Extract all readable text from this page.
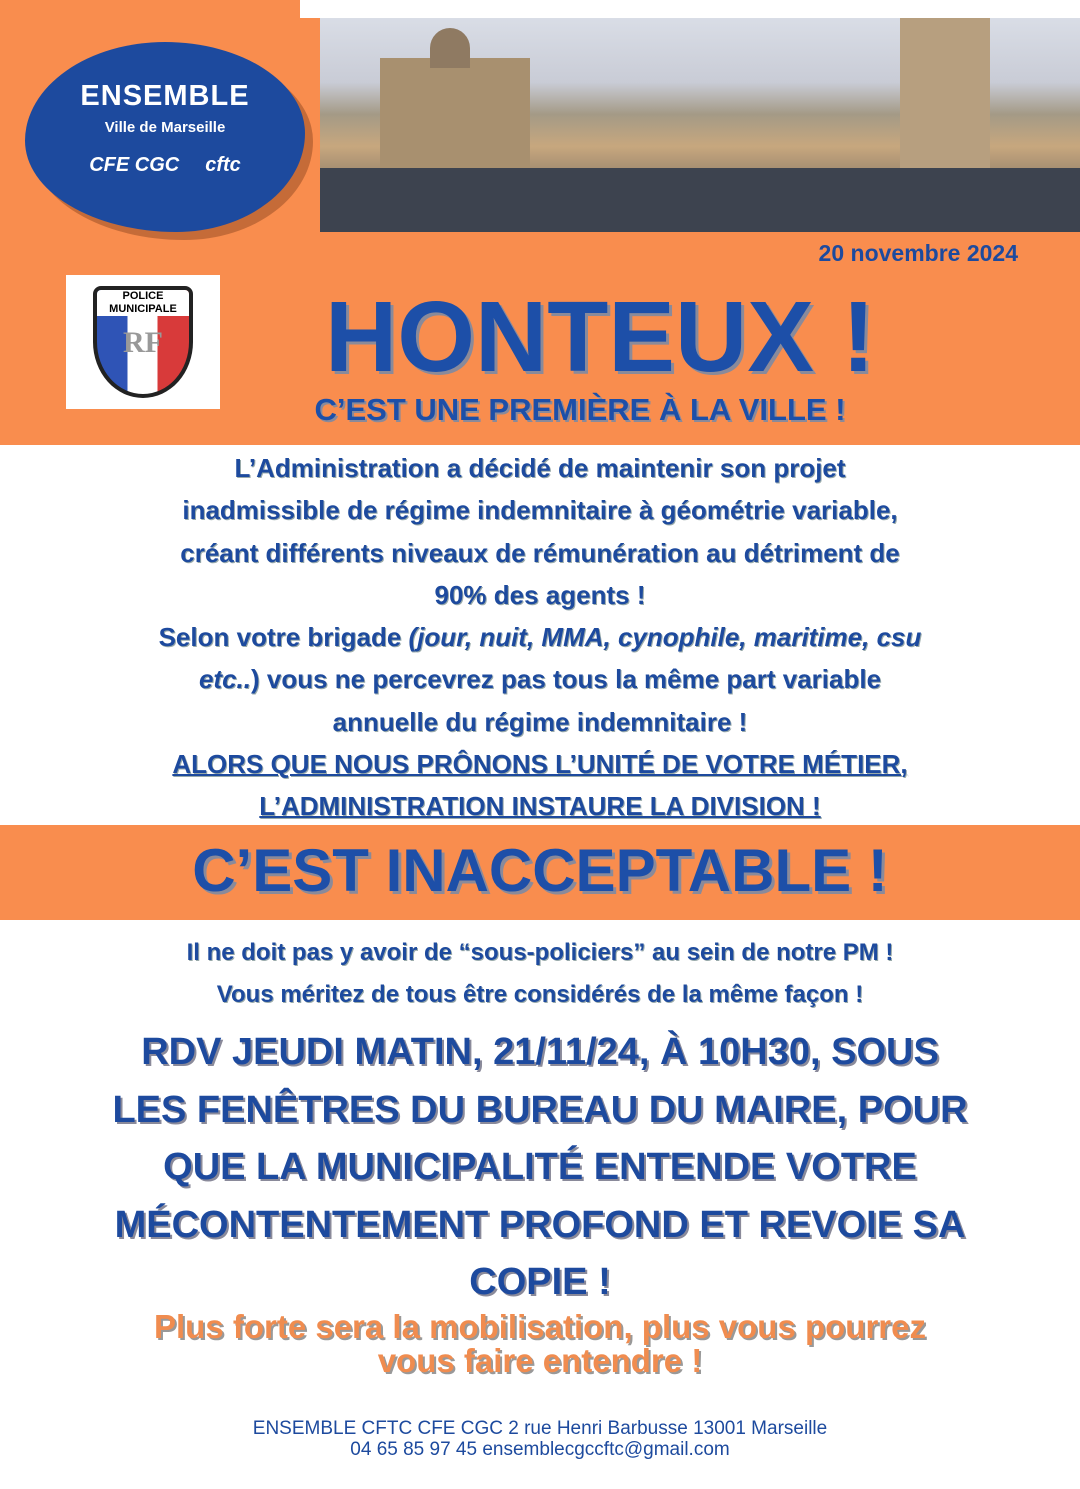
ENSEMBLE
Ville de Marseille
CFE CGC cftc
20 novembre 2024
POLICE
MUNICIPALE
RF HONTEUX !
C’EST UNE PREMIÈRE À LA VILLE !
L’Administration a décidé de maintenir son projet
inadmissible de régime indemnitaire à géométrie variable,
créant différents niveaux de rémunération au détriment de
90% des agents !
Selon votre brigade (jour, nuit, MMA, cynophile, maritime, csu
etc..) vous ne percevrez pas tous la même part variable
annuelle du régime indemnitaire !
ALORS QUE NOUS PRÔNONS L’UNITÉ DE VOTRE MÉTIER,
L’ADMINISTRATION INSTAURE LA DIVISION !
C’EST INACCEPTABLE !
Il ne doit pas y avoir de “sous-policiers” au sein de notre PM !
Vous méritez de tous être considérés de la même façon !
RDV JEUDI MATIN, 21/11/24, À 10H30, SOUS
LES FENÊTRES DU BUREAU DU MAIRE, POUR
QUE LA MUNICIPALITÉ ENTENDE VOTRE
MÉCONTENTEMENT PROFOND ET REVOIE SA
COPIE !
Plus forte sera la mobilisation, plus vous pourrez
vous faire entendre !
ENSEMBLE CFTC CFE CGC 2 rue Henri Barbusse 13001 Marseille
04 65 85 97 45 ensemblecgccftc@gmail.com
